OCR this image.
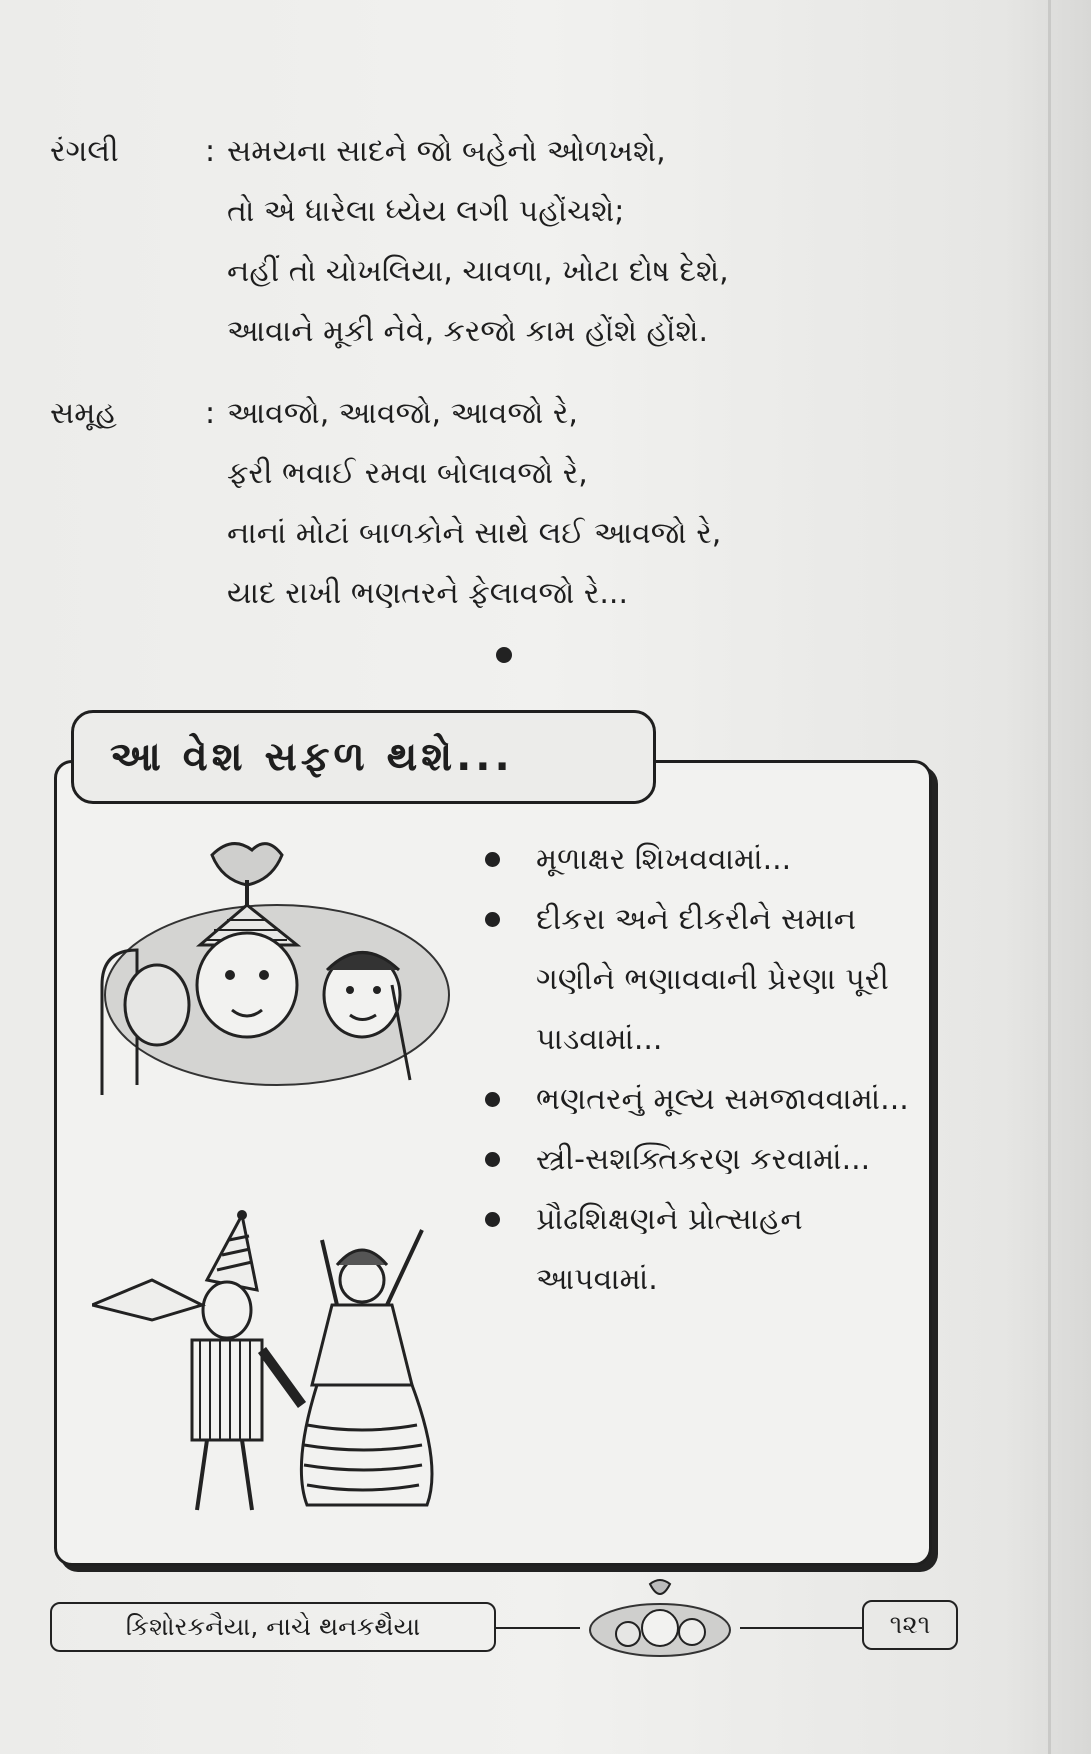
રંગલી	: સમયના સાદને જો બહેનો ઓળખશે,
તો એ ધારેલા ધ્યેય લગી પહોંચશે;
નહીં તો ચોખલિયા, ચાવળા, ખોટા દોષ દેશે,
આવાને મૂકી નેવે, કરજો કામ હોંશે હોંશે.
સમૂહ	: આવજો, આવજો, આવજો રે,
ફરી ભવાઈ રમવા બોલાવજો રે,
નાનાં મોટાં બાળકોને સાથે લઈ આવજો રે,
યાદ રાખી ભણતરને ફેલાવજો રે...
આ વેશ સફળ થશે...
મૂળાક્ષર શિખવવામાં...
દીકરા અને દીકરીને સમાન ગણીને ભણાવવાની પ્રેરણા પૂરી પાડવામાં...
ભણતરનું મૂલ્ય સમજાવવામાં...
સ્ત્રી-સશક્તિકરણ કરવામાં...
પ્રૌઢશિક્ષણને પ્રોત્સાહન આપવામાં.
કિશોરકનૈયા, નાચે થનકથૈયા	૧૨૧
